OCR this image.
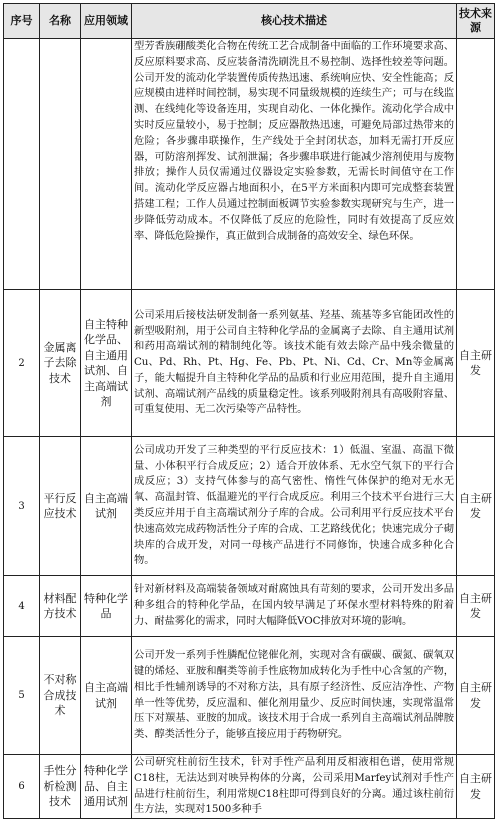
序号	名称	应用领域	核心技术描述	技术来源
			型芳香族硼酸类化合物在传统工艺合成制备中面临的工作环境要求高、反应原料要求高、反应装备清洗刷洗且不易控制、选择性较差等问题。公司开发的流动化学装置传质传热迅速、系统响应快、安全性能高；反应规模由进样时间控制，易实现不同量级规模的连续生产；可与在线监测、在线纯化等设备连用，实现自动化、一体化操作。流动化学合成中实时反应量较小，易于控制；反应器散热迅速，可避免局部过热带来的危险；各步骤串联操作，生产线处于全封闭状态，加料无需打开反应器，可防溶剂挥发、试剂泄漏；各步骤串联进行能减少溶剂使用与废物排放；操作人员仅需通过仪器设定实验参数，无需长时间值守在工作间。流动化学反应器占地面积小，在5平方米面积内即可完成整套装置搭建工程；工作人员通过控制面板调节实验参数实现研究与生产，进一步降低劳动成本。不仅降低了反应的危险性，同时有效提高了反应效率、降低危险操作，真正做到合成制备的高效安全、绿色环保。	
2	金属离子去除技术	自主特种化学品、自主通用试剂、自主高端试剂	公司采用后接枝法研发制备一系列氨基、羟基、巯基等多官能团改性的新型吸附剂，用于公司自主特种化学品的金属离子去除、自主通用试剂和药用高端试剂的精制纯化等。该技术能有效去除产品中残余微量的Cu、Pd、Rh、Pt、Hg、Fe、Pb、Pt、Ni、Cd、Cr、Mn等金属离子，能大幅提升自主特种化学品的品质和行业应用范围，提升自主通用试剂、高端试剂产品线的质量稳定性。该系列吸附剂具有高吸附容量、可重复使用、无二次污染等产品特性。	自主研发
3	平行反应技术	自主高端试剂	公司成功开发了三种类型的平行反应技术：1）低温、室温、高温下微量、小体积平行合成反应；2）适合开放体系、无水空气氛下的平行合成反应；3）支持气体参与的高气密性、惰性气体保护的绝对无水无氧、高温封管、低温避光的平行合成反应。利用三个技术平台进行三大类反应并用于自主高端试剂分子库的合成。公司利用平行反应技术平台快速高效完成药物活性分子库的合成、工艺路线优化；快速完成分子砌块库的合成开发，对同一母核产品进行不同修饰，快速合成多种化合物。	自主研发
4	材料配方技术	特种化学品	针对新材料及高端装备领域对耐腐蚀具有苛刻的要求，公司开发出多品种多组合的特种化学品，在国内较早满足了环保水型材料特殊的附着力、耐盐雾化的需求，同时大幅降低VOC排放对环境的影响。	自主研发
5	不对称合成技术	自主高端试剂	公司开发一系列手性膦配位铑催化剂，实现对含有碳碳、碳氮、碳氧双键的烯烃、亚胺和酮类等前手性底物加成转化为手性中心含氢的产物，相比手性辅剂诱导的不对称方法，具有原子经济性、反应洁净性、产物单一性等优势，反应温和、催化剂用量少、反应时间快速，实现常温常压下对羰基、亚胺的加成。该技术用于合成一系列自主高端试剂品牌胺类、醇类活性分子，能够直接应用于药物研究。	自主研发
6	手性分析检测技术	特种化学品、自主通用试剂	公司研究柱前衍生技术，针对手性产品利用反相液相色谱，使用常规C18柱，无法达到对映异构体的分离，公司采用Marfey试剂对手性产品进行柱前衍生，利用常规C18柱即可得到良好的分离。通过该柱前衍生方法，实现对1500多种手	自主研发
